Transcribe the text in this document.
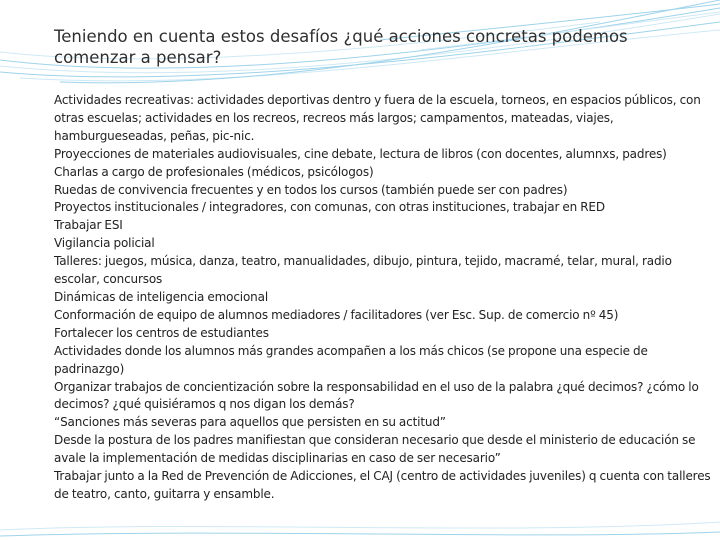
Teniendo en cuenta estos desafíos ¿qué acciones concretas podemos comenzar a pensar?
Actividades recreativas: actividades deportivas dentro y fuera de la escuela, torneos, en espacios públicos, con otras escuelas; actividades en los recreos, recreos más largos; campamentos, mateadas, viajes, hamburgueseadas, peñas, pic-nic.
Proyecciones de materiales audiovisuales, cine debate, lectura de libros (con docentes, alumnxs, padres)
Charlas a cargo de profesionales (médicos, psicólogos)
Ruedas de convivencia frecuentes y en todos los cursos (también puede ser con padres)
Proyectos institucionales / integradores, con comunas, con otras instituciones, trabajar en RED
Trabajar ESI
Vigilancia policial
Talleres: juegos, música, danza, teatro, manualidades, dibujo, pintura, tejido, macramé, telar, mural, radio escolar, concursos
Dinámicas de inteligencia emocional
Conformación de equipo de alumnos mediadores / facilitadores (ver Esc. Sup. de comercio nº 45)
Fortalecer los centros de estudiantes
Actividades donde los alumnos más grandes acompañen a los más chicos (se propone una especie de padrinazgo)
Organizar trabajos de concientización sobre la responsabilidad en el uso de la palabra ¿qué decimos? ¿cómo lo decimos? ¿qué quisiéramos q nos digan los demás?
“Sanciones más severas para aquellos que persisten en su actitud”
Desde la postura de los padres manifiestan que consideran necesario que desde el ministerio de educación se avale la implementación de medidas disciplinarias en caso de ser necesario”
Trabajar junto a la Red de Prevención de Adicciones, el CAJ (centro de actividades juveniles) q cuenta con talleres de teatro, canto, guitarra y ensamble.
